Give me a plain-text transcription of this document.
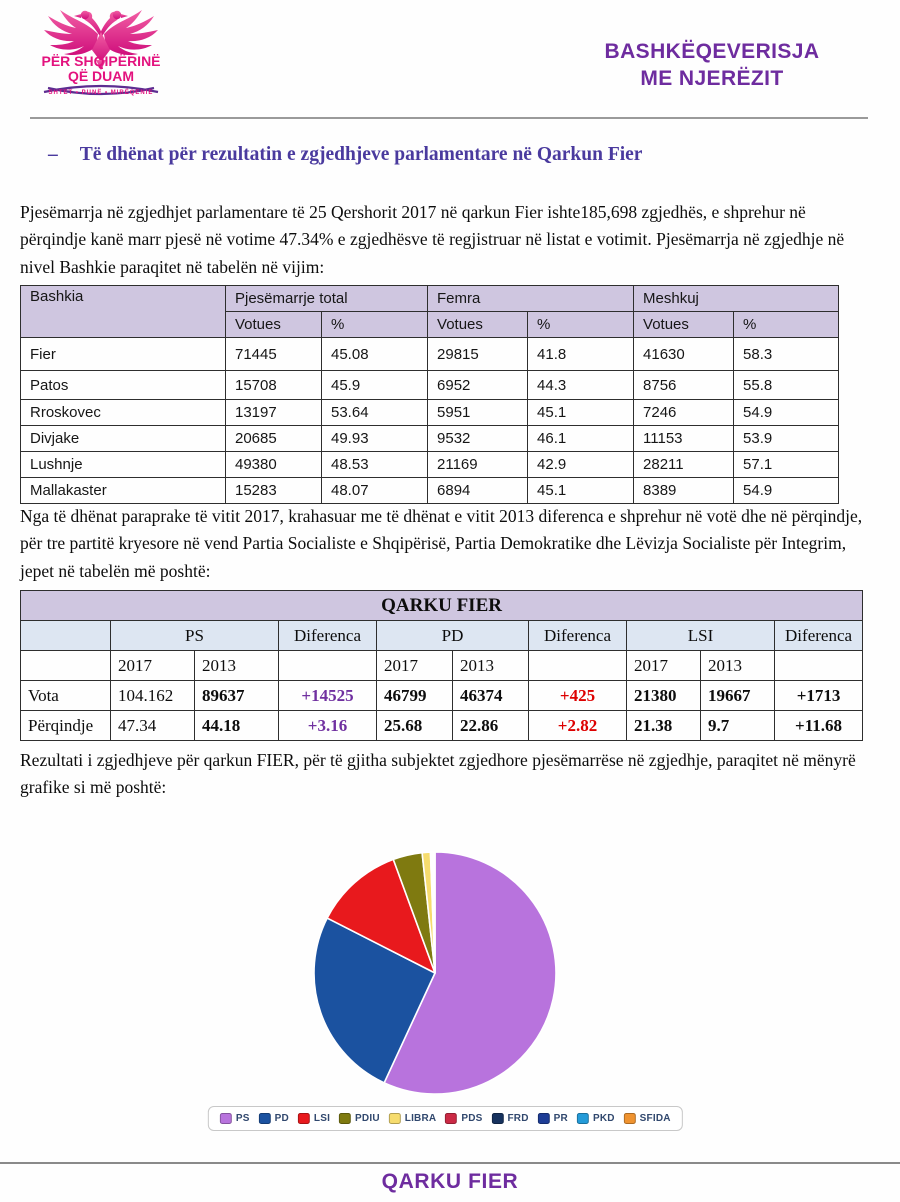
PËR SHQIPËRINË
QË DUAM
SHTET • PUNË • MIRËQENIE
BASHKËQEVERISJA
ME NJERËZIT
– Të dhënat për rezultatin e zgjedhjeve parlamentare në Qarkun Fier
Pjesëmarrja në zgjedhjet parlamentare të 25 Qershorit 2017 në qarkun Fier ishte185,698 zgjedhës, e shprehur në përqindje kanë marr pjesë në votime 47.34% e zgjedhësve të regjistruar në listat e votimit. Pjesëmarrja në zgjedhje në nivel Bashkie paraqitet në tabelën në vijim:
Nga të dhënat paraprake të vitit 2017, krahasuar me të dhënat e vitit 2013 diferenca e shprehur në votë dhe në përqindje, për tre partitë kryesore në vend Partia Socialiste e Shqipërisë, Partia Demokratike dhe Lëvizja Socialiste për Integrim, jepet në tabelën më poshtë:
Rezultati i zgjedhjeve për qarkun FIER, për të gjitha subjektet zgjedhore pjesëmarrëse në zgjedhje, paraqitet në mënyrë grafike si më poshtë:
Bashkia	Pjesëmarrje total		Femra		Meshkuj	
	Votues	%	Votues	%	Votues	%
Fier	71445	45.08	29815	41.8	41630	58.3
Patos	15708	45.9	6952	44.3	8756	55.8
Rroskovec	13197	53.64	5951	45.1	7246	54.9
Divjake	20685	49.93	9532	46.1	11153	53.9
Lushnje	49380	48.53	21169	42.9	28211	57.1
Mallakaster	15283	48.07	6894	45.1	8389	54.9
QARKU FIER									
	PS		Diferenca	PD		Diferenca	LSI		Diferenca
	2017	2013		2017	2013		2017	2013	
Vota	104.162	89637	+14525	46799	46374	+425	21380	19667	+1713
Përqindje	47.34	44.18	+3.16	25.68	22.86	+2.82	21.38	9.7	+11.68
PS PD	LSI	PDIU	LIBRA	PDS	FRD	PR	PKD	SFIDA
QARKU FIER
